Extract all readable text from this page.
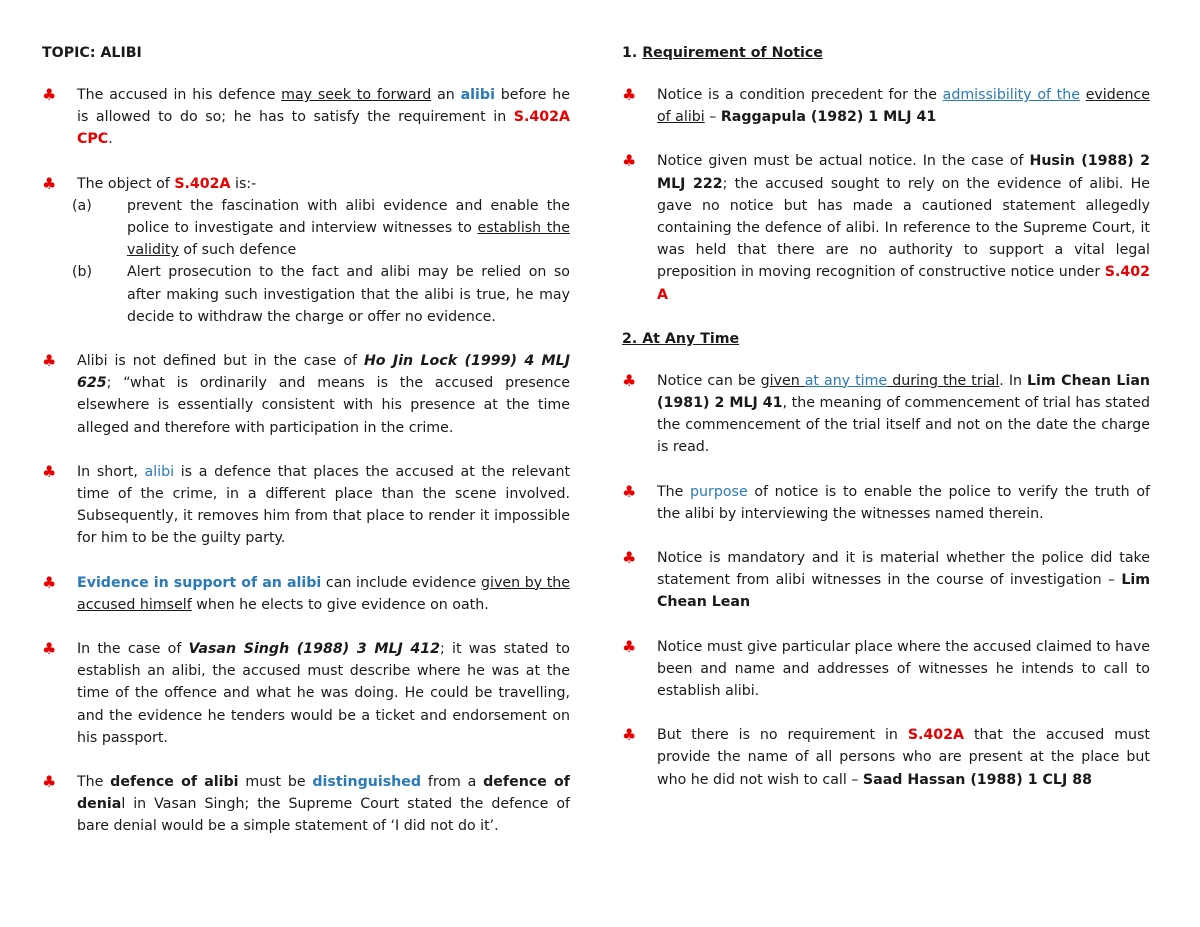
TOPIC: ALIBI
♣ The accused in his defence may seek to forward an alibi before he is allowed to do so; he has to satisfy the requirement in S.402A CPC.
♣ The object of S.402A is:-
(a)	prevent the fascination with alibi evidence and enable the police to investigate and interview witnesses to establish the validity of such defence
(b)	Alert prosecution to the fact and alibi may be relied on so after making such investigation that the alibi is true, he may decide to withdraw the charge or offer no evidence.
♣ Alibi is not defined but in the case of Ho Jin Lock (1999) 4 MLJ 625; “what is ordinarily and means is the accused presence elsewhere is essentially consistent with his presence at the time alleged and therefore with participation in the crime.
♣ In short, alibi is a defence that places the accused at the relevant time of the crime, in a different place than the scene involved. Subsequently, it removes him from that place to render it impossible for him to be the guilty party.
♣ Evidence in support of an alibi can include evidence given by the accused himself when he elects to give evidence on oath.
♣ In the case of Vasan Singh (1988) 3 MLJ 412; it was stated to establish an alibi, the accused must describe where he was at the time of the offence and what he was doing. He could be travelling, and the evidence he tenders would be a ticket and endorsement on his passport.
♣ The defence of alibi must be distinguished from a defence of denial in Vasan Singh; the Supreme Court stated the defence of bare denial would be a simple statement of ‘I did not do it’.
1. Requirement of Notice
♣ Notice is a condition precedent for the admissibility of the evidence of alibi – Raggapula (1982) 1 MLJ 41
♣ Notice given must be actual notice. In the case of Husin (1988) 2 MLJ 222; the accused sought to rely on the evidence of alibi. He gave no notice but has made a cautioned statement allegedly containing the defence of alibi. In reference to the Supreme Court, it was held that there are no authority to support a vital legal preposition in moving recognition of constructive notice under S.402 A
2. At Any Time
♣ Notice can be given at any time during the trial. In Lim Chean Lian (1981) 2 MLJ 41, the meaning of commencement of trial has stated the commencement of the trial itself and not on the date the charge is read.
♣ The purpose of notice is to enable the police to verify the truth of the alibi by interviewing the witnesses named therein.
♣ Notice is mandatory and it is material whether the police did take statement from alibi witnesses in the course of investigation – Lim Chean Lean
♣ Notice must give particular place where the accused claimed to have been and name and addresses of witnesses he intends to call to establish alibi.
♣ But there is no requirement in S.402A that the accused must provide the name of all persons who are present at the place but who he did not wish to call – Saad Hassan (1988) 1 CLJ 88
